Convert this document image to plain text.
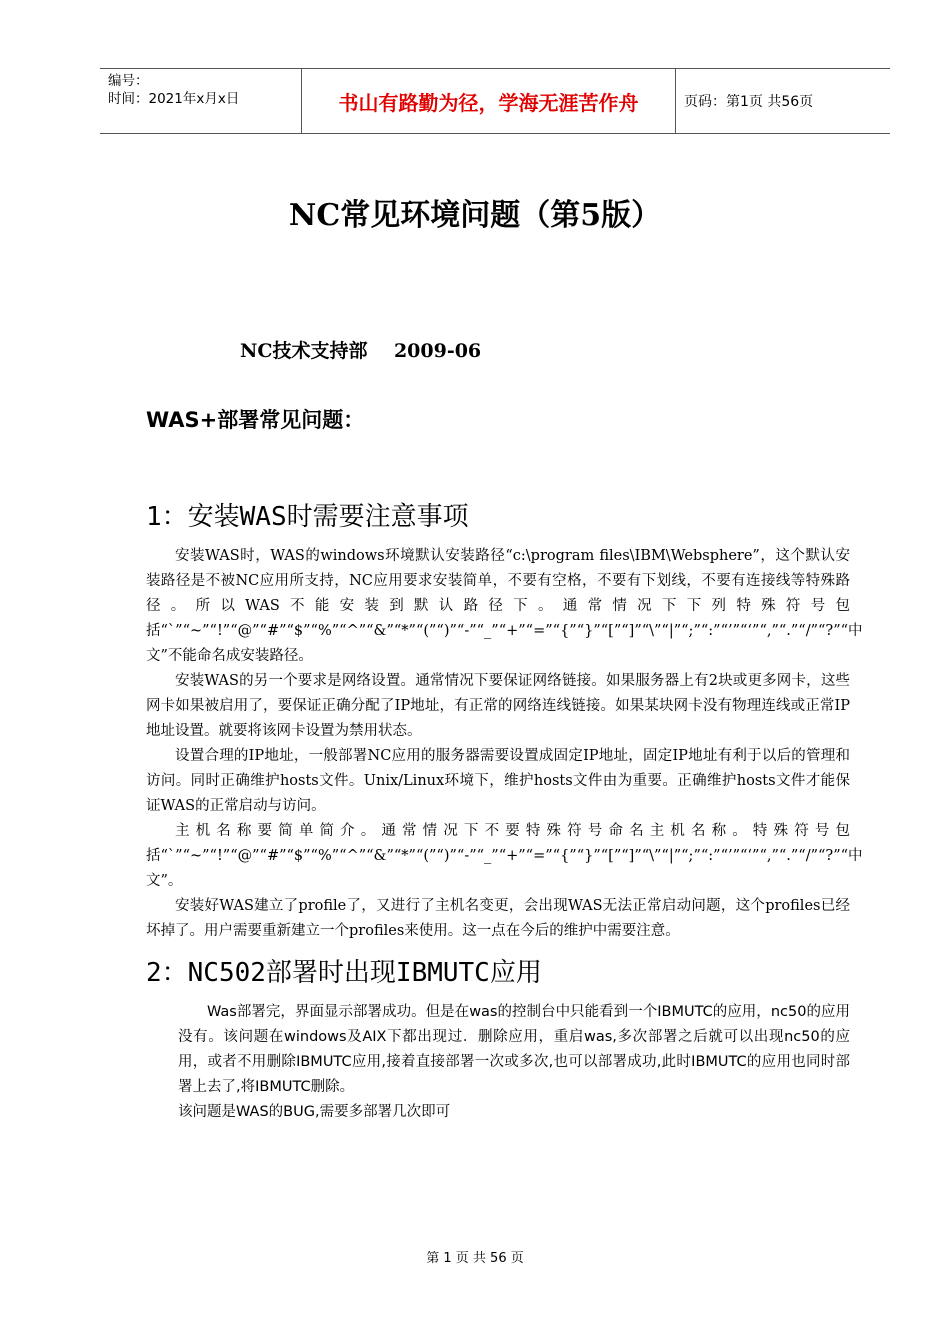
编号：
时间：2021年x月x日	书山有路勤为径，学海无涯苦作舟	页码：第1页 共56页
NC常见环境问题（第5版）
NC技术支持部    2009-06
WAS+部署常见问题：
1：安装WAS时需要注意事项

安装WAS时，WAS的windows环境默认安装路径“c:\program files\IBM\Websphere”，这个默认安装路径是不被NC应用所支持，NC应用要求安装简单，不要有空格，不要有下划线，不要有连接线等特殊路径。所以WAS不能安装到默认路径下。通常情况下下列特殊符号包括“`”“~”“!”“@”“#”“$”“%”“^”“&”“*”“(”“)”“-”“_”“+”“=”“{”“}”“[”“]”“\”“|”“;”“:”“’”“‘”“,”“.”“/”“?”“中文”不能命名成安装路径。

安装WAS的另一个要求是网络设置。通常情况下要保证网络链接。如果服务器上有2块或更多网卡，这些网卡如果被启用了，要保证正确分配了IP地址，有正常的网络连线链接。如果某块网卡没有物理连线或正常IP地址设置。就要将该网卡设置为禁用状态。

设置合理的IP地址，一般部署NC应用的服务器需要设置成固定IP地址，固定IP地址有利于以后的管理和访问。同时正确维护hosts文件。Unix/Linux环境下，维护hosts文件由为重要。正确维护hosts文件才能保证WAS的正常启动与访问。

主机名称要简单简介。通常情况下不要特殊符号命名主机名称。特殊符号包括“`”“~”“!”“@”“#”“$”“%”“^”“&”“*”“(”“)”“-”“_”“+”“=”“{”“}”“[”“]”“\”“|”“;”“:”“’”“‘”“,”“.”“/”“?”“中文”。

安装好WAS建立了profile了，又进行了主机名变更，会出现WAS无法正常启动问题，这个profiles已经坏掉了。用户需要重新建立一个profiles来使用。这一点在今后的维护中需要注意。

2：NC502部署时出现IBMUTC应用

Was部署完，界面显示部署成功。但是在was的控制台中只能看到一个IBMUTC的应用，nc50的应用没有。该问题在windows及AIX下都出现过．删除应用，重启was,多次部署之后就可以出现nc50的应用，或者不用删除IBMUTC应用,接着直接部署一次或多次,也可以部署成功,此时IBMUTC的应用也同时部署上去了,将IBMUTC删除。

该问题是WAS的BUG,需要多部署几次即可

第 1 页 共 56 页
